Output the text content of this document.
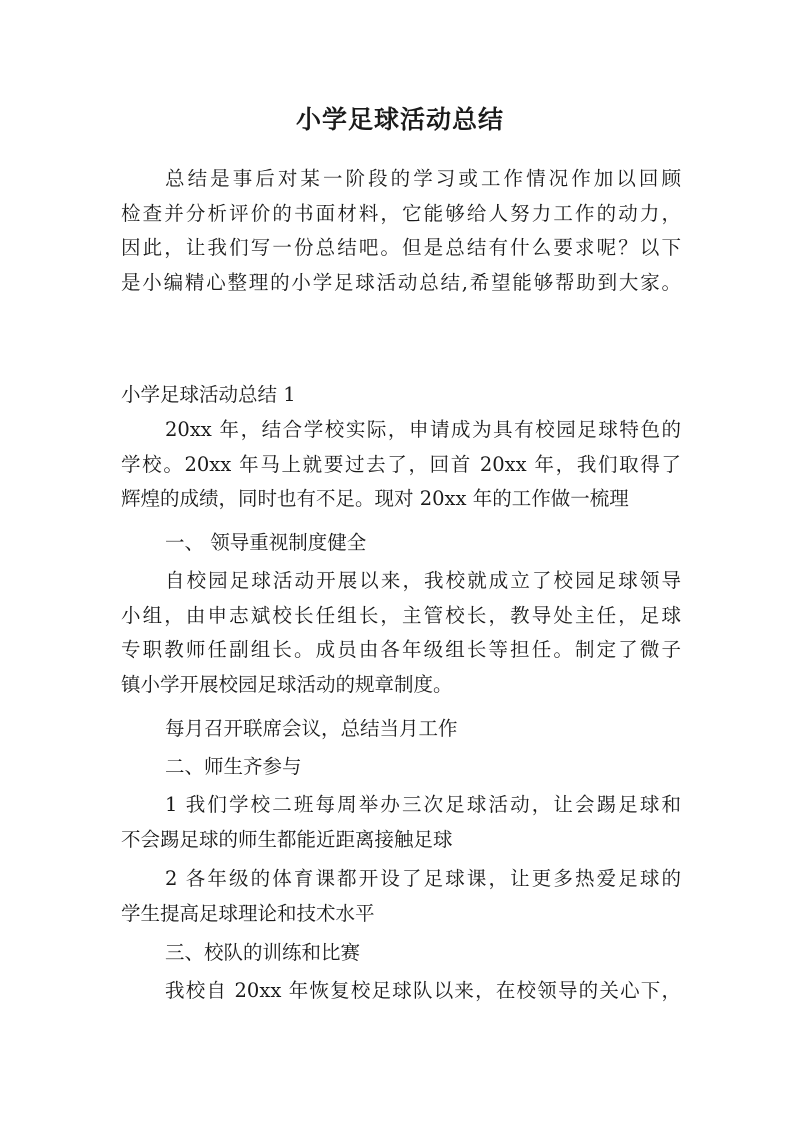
小学足球活动总结
总结是事后对某一阶段的学习或工作情况作加以回顾
检查并分析评价的书面材料，它能够给人努力工作的动力，
因此，让我们写一份总结吧。但是总结有什么要求呢？以下
是小编精心整理的小学足球活动总结,希望能够帮助到大家。
小学足球活动总结 1
20xx 年，结合学校实际，申请成为具有校园足球特色的
学校。20xx 年马上就要过去了，回首 20xx 年，我们取得了
辉煌的成绩，同时也有不足。现对 20xx 年的工作做一梳理
一、 领导重视制度健全
自校园足球活动开展以来，我校就成立了校园足球领导
小组，由申志斌校长任组长，主管校长，教导处主任，足球
专职教师任副组长。成员由各年级组长等担任。制定了微子
镇小学开展校园足球活动的规章制度。
每月召开联席会议，总结当月工作
二、师生齐参与
1 我们学校二班每周举办三次足球活动，让会踢足球和
不会踢足球的师生都能近距离接触足球
2 各年级的体育课都开设了足球课，让更多热爱足球的
学生提高足球理论和技术水平
三、校队的训练和比赛
我校自 20xx 年恢复校足球队以来，在校领导的关心下，
